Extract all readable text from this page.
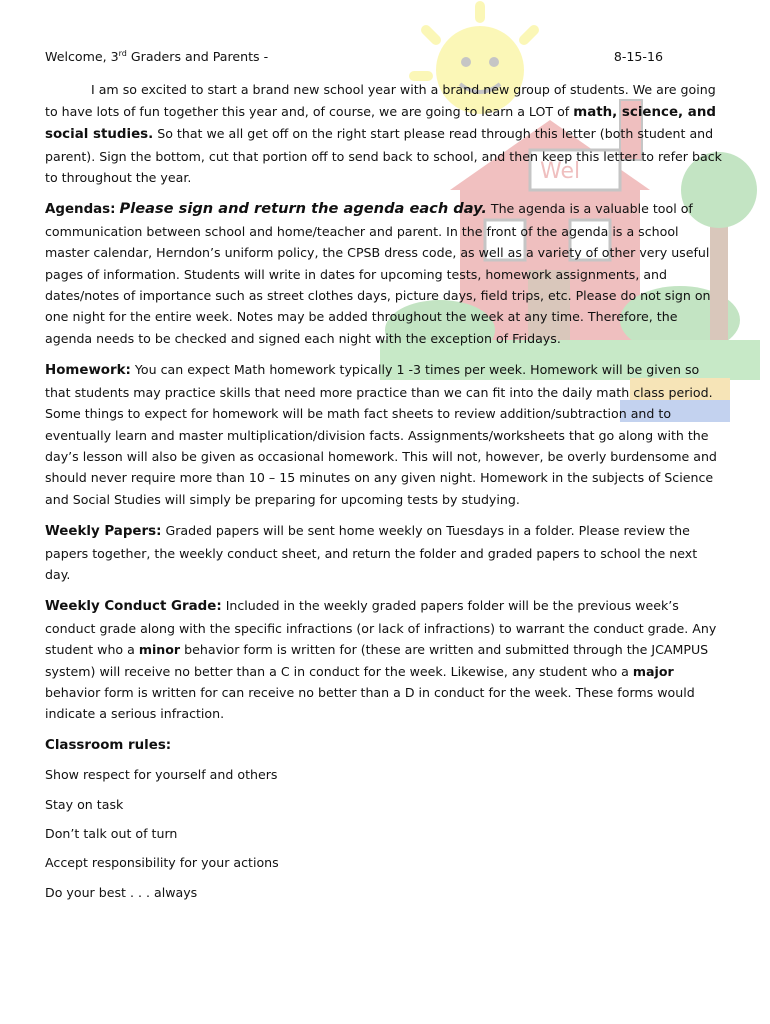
Wel
Welcome, 3rd Graders and Parents -	8-15-16

I am so excited to start a brand new school year with a brand new group of students. We are going to have lots of fun together this year and, of course, we are going to learn a LOT of math, science, and social studies. So that we all get off on the right start please read through this letter (both student and parent). Sign the bottom, cut that portion off to send back to school, and then keep this letter to refer back to throughout the year.

Agendas: Please sign and return the agenda each day. The agenda is a valuable tool of communication between school and home/teacher and parent. In the front of the agenda is a school master calendar, Herndon’s uniform policy, the CPSB dress code, as well as a variety of other very useful pages of information. Students will write in dates for upcoming tests, homework assignments, and dates/notes of importance such as street clothes days, picture days, field trips, etc. Please do not sign on one night for the entire week. Notes may be added throughout the week at any time. Therefore, the agenda needs to be checked and signed each night with the exception of Fridays.

Homework: You can expect Math homework typically 1 -3 times per week. Homework will be given so that students may practice skills that need more practice than we can fit into the daily math class period. Some things to expect for homework will be math fact sheets to review addition/subtraction and to eventually learn and master multiplication/division facts. Assignments/worksheets that go along with the day’s lesson will also be given as occasional homework. This will not, however, be overly burdensome and should never require more than 10 – 15 minutes on any given night. Homework in the subjects of Science and Social Studies will simply be preparing for upcoming tests by studying.

Weekly Papers: Graded papers will be sent home weekly on Tuesdays in a folder. Please review the papers together, the weekly conduct sheet, and return the folder and graded papers to school the next day.

Weekly Conduct Grade: Included in the weekly graded papers folder will be the previous week’s conduct grade along with the specific infractions (or lack of infractions) to warrant the conduct grade. Any student who a minor behavior form is written for (these are written and submitted through the JCAMPUS system) will receive no better than a C in conduct for the week. Likewise, any student who a major behavior form is written for can receive no better than a D in conduct for the week. These forms would indicate a serious infraction.

Classroom rules:
Show respect for yourself and others
Stay on task
Don’t talk out of turn
Accept responsibility for your actions
Do your best . . . always
